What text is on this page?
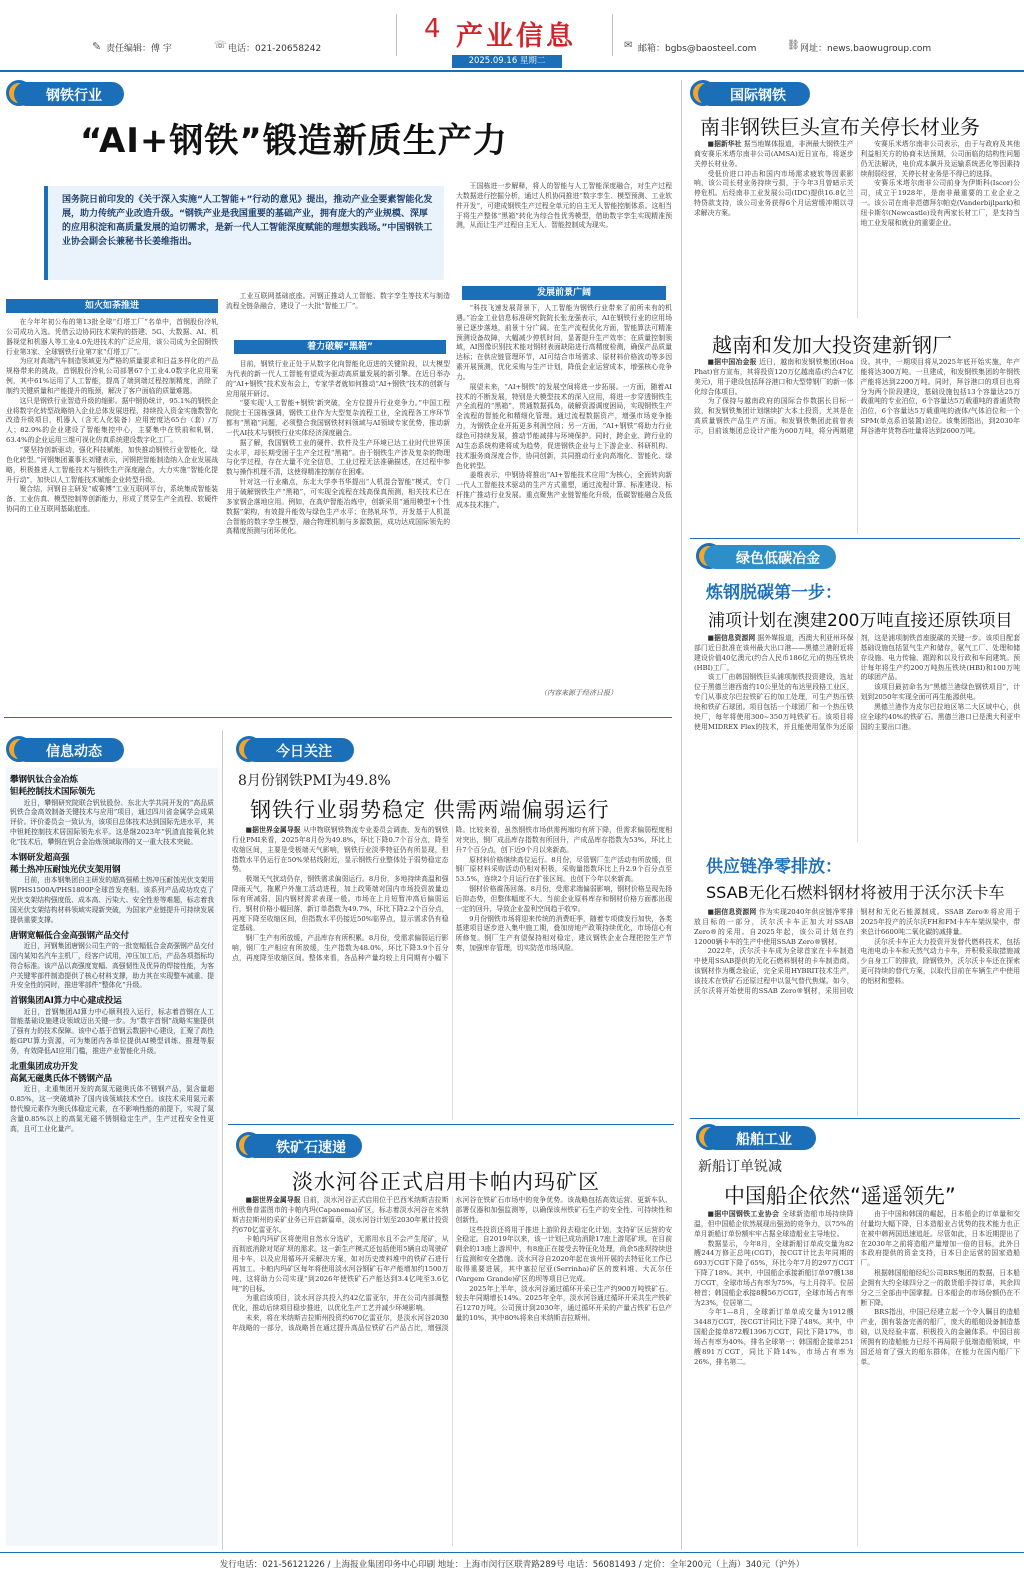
✎ 责任编辑：傅 宇	☏ 电话：021-20658242
4 产业信息
2025.09.16 星期二
✉ 邮箱：bgbs@baosteel.com	⛓ 网址：news.baowugroup.com
钢铁行业
“AI+钢铁”锻造新质生产力
国务院日前印发的《关于深入实施“人工智能+”行动的意见》提出，推动产业全要素智能化发展，助力传统产业改造升级。“钢铁产业是我国重要的基础产业，拥有庞大的产业规模、深厚的应用积淀和高质量发展的迫切需求，是新一代人工智能深度赋能的理想实践场。”中国钢铁工业协会副会长兼秘书长姜维指出。
如火如荼推进

在今年年初公布的第13批全球“灯塔工厂”名单中，首钢股份冷轧公司成功入选。凭借云边协同技术架构的搭建、5G、大数据、AI、机器视觉和机器人等工业4.0先进技术的广泛应用，该公司成为全国钢铁行业第3家、全球钢铁行业第7家“灯塔工厂”。

为应对高端汽车制造领域更为严格的质量要求和日益多样化的产品规格带来的挑战，首钢股份冷轧公司部署67个工业4.0数字化应用案例，其中61%运用了人工智能，提高了端到端过程控制精度，消除了制约关键质量和产能提升的瓶颈，解决了客户面临的质量难题。

这只是钢铁行业智造升级的缩影。据中钢协统计，95.1%的钢铁企业将数字化转型战略纳入企业总体发展进程，持续投入资金实施数智化改造升级项目，机器人（含无人化装备）应用密度达65台（套）/万人；82.9%的企业建设了智能集控中心，主要集中在铁前和轧钢，63.4%的企业运用三维可视化仿真系统建设数字化工厂。

“要坚持创新驱动，强化科技赋能，加快推动钢铁行业智能化、绿色化转型。”河钢集团董事长刘键表示，河钢把智能制造纳入企业发展战略，积极推进人工智能技术与钢铁生产深度融合，大力实施“智能化提升行动”，加快以人工智能技术赋能企业转型升级。

聚合结，河钢自主研发“威赛博”工业互联网平台，系统集成智能装备、工业仿真、模型控制等创新能力，形成了贯穿生产全流程、软硬件协同的工业互联网基础底座。

工业互联网基础底座。河钢正推动人工智能、数字孪生等技术与制造流程全链条融合，建设了一大批“智能工厂”。

着力破解“黑箱”

目前，钢铁行业正处于从数字化向智能化迈进的关键阶段，以大模型为代表的新一代人工智能有望成为驱动高质量发展的新引擎。在近日举办的“AI+钢铁”技术发布会上，专家学者就如何推动“AI+钢铁”技术的创新与应用展开研讨。

“要实现‘人工智能+钢铁’新突破，全方位提升行业竞争力。”中国工程院院士王国栋强调，钢铁工业作为大型复杂流程工业，全流程各工序环节都有“黑箱”问题，必须整合我国钢铁材料领域与AI领域专家优势，推动新一代AI技术与钢铁行业实体经济深度融合。

据了解，我国钢铁工业的硬件、软件及生产环境已达工业时代世界顶尖水平，却长期受困于生产全过程“黑箱”。由于钢铁生产涉及复杂的物理与化学过程，存在大量不完全信息，工业过程无法准确描述，在过程中参数与操作机理不清，这使得精准控制存在困难。

针对这一行业痛点，东北大学李书华提出“人机混合智能”模式，专门用于破解钢铁生产“黑箱”，可实现全流程在线高保真预测，相关技术已在多家钢企落地应用。例如，在高炉智能冶炼中，创新采用“通用模型+个性数据”架构，有效提升能效与绿色生产水平；在热轧环节，开发基于人机混合智能的数字孪生模型，融合物理机制与多源数据，成功达成国际领先的高精度预测与闭环优化。

王国栋进一步解释，将人的智能与人工智能深度融合，对生产过程大数据进行挖掘分析，通过人机协同推进“数字孪生、模型预测、工业软件开发”，可建成钢铁生产过程全单元的自主无人智能控制体系。这相当于将生产整体“黑箱”转化为综合性优秀模型，借助数字孪生实现精准预测，从而让生产过程自主无人、智能控制成为现实。

发展前景广阔

“科技飞速发展背景下，人工智能为钢铁行业带来了前所未有的机遇。”冶金工业信息标准研究院院长张龙强表示，AI在钢铁行业的应用场景已逐步落地，前景十分广阔。在生产流程优化方面，智能算法可精准预测设备故障，大幅减少停机时间，显著提升生产效率；在质量控制领域，AI图像识别技术能对钢材表面缺陷进行高精度检测，确保产品质量达标；在供应链管理环节，AI可结合市场需求、原材料价格波动等多因素开展预测，优化采购与生产计划，降低企业运营成本，增强核心竞争力。

展望未来，“AI+钢铁”的发展空间将进一步拓展。一方面，随着AI技术的不断发展，特别是大模型技术的深入应用，将进一步穿透钢铁生产全流程的“黑箱”，贯通数据孤岛，破解资源调度困局，实现钢铁生产全流程的智能化和精细化管理。通过流程数据资产，增强市场竞争能力，为钢铁企业开拓更多利润空间；另一方面，“AI+钢铁”将助力行业绿色可持续发展，推动节能减排与环境保护。同时，跨企业、跨行业的AI生态系统构建将成为趋势，促进钢铁企业与上下游企业、科研机构、技术服务商深度合作，协同创新，共同推动行业向高端化、智能化、绿色化转型。

姜维表示，中钢协将推出“AI+智能技术应用”为核心，全面转向新一代人工智能技术驱动的生产方式重塑，通过流程计算、标准建设、标杆推广推动行业发展。重点聚焦产业链智能化升级，低碳智能融合及低成本技术推广。

（内容来源于经济日报）
国际钢铁
南非钢铁巨头宣布关停长材业务

■据新华社 据当地媒体报道，非洲最大钢铁生产商安赛乐米塔尔南非公司(AMSA)近日宣布，将逐步关停长材业务。

受低价进口冲击和国内市场需求疲软等因素影响，该公司长材业务持续亏损，于今年3月曾暗示关停危机。后经南非工业发展公司(IDC)提供16.8亿兰特贷款支持，该公司业务获得6个月运营缓冲期以寻求解决方案。

安赛乐米塔尔南非公司表示，由于与政府及其他利益相关方的协商未达预期，公司面临的结构性问题仍无法解决，电价成本飙升及运输系统恶化等因素持续削弱经营，关停长材业务是不得已的选择。

安赛乐米塔尔南非公司前身为伊斯科(Iscor)公司，成立于1928年，是南非最重要的工业企业之一。该公司在南非范德拜尔帕克(Vanderbijlpark)和纽卡斯尔(Newcastle)设有两家长材工厂，是支持当地工业发展和就业的重要企业。

越南和发加大投资建新钢厂

■据中国冶金报 近日，越南和发钢铁集团(Hoa Phat)官方宣布，其将投资120万亿越南盾(约合47亿美元)，用于建设包括拜谷港口和大型带钢厂的新一体化综合体项目。

为了保持与越南政府的国际合作数据长目标一致，和发钢铁集团计划继续扩大本土投资，尤其是在高质量钢铁产品生产方面。和发钢铁集团此前曾表示，目前该集团总设计产能为600万吨，将分两期建设。其中，一期项目将从2025年底开始实施，年产能将达300万吨。一旦建成，和发钢铁集团的年钢铁产能将达到2200万吨。同时，拜谷港口的项目也将分为两个阶段建设，基础设施包括13个容量达25万载重吨的专业泊位，6个容量达5万载重吨的普通货物泊位，6个容量达5万载重吨的液体/气体泊位和一个SPM(单点系泊装置)泊位。该集团指出，到2030年拜谷港年货物吞吐量将达到2600万吨。

绿色低碳冶金
炼钢脱碳第一步：
浦项计划在澳建200万吨直接还原铁项目

■据信息资源网 据外媒报道，西澳大利亚州环保部门近日批准在该州最大出口港——黑德兰港附近将建设价值40亿澳元(约合人民币186亿元)的热压铁块(HBI)工厂。

该工厂由韩国钢铁巨头浦项制铁投资建设，选址位于黑德兰港西南约10公里处的布达里段格工业区，专门从事皮尔巴拉铁矿石的加工处理，可生产热压铁块和铁矿石球团。项目包括一个球团厂和一个热压铁块厂，每年将使用300~350万吨铁矿石。该项目将使用MIDREX Flex的技术，并且能使用氢作为还原剂，这是浦项制铁首座脱碳的关键一步。该项目配套基础设施包括氢气生产和储存，氨气工厂、处理和储存设施、电力传输、跟踪和以及行政和车间建筑。预计每年将生产约200万吨热压铁块(HBI)和100万吨的球团产品。

该项目最初命名为“黑德兰港绿色钢铁项目”，计划到2050年实现全面可再生能源供电。

黑德兰港作为皮尔巴拉地区第二大区域中心，供应全球约40%的铁矿石。黑德兰港口已是澳大利亚中国的主要出口港。

供应链净零排放：
SSAB无化石燃料钢材将被用于沃尔沃卡车

■据信息资源网 作为实现2040年供应链净零排放目标的一部分，沃尔沃卡车正加大对SSAB Zero®的采用。自2025年起，该公司计划在约12000辆卡车的生产中使用SSAB Zero®钢材。

2022年，沃尔沃卡车成为全球首家在卡车制造中使用SSAB提供的无化石燃料钢材的卡车制造商。该钢材作为概念验证，完全采用HYBRIT技术生产，该技术在铁矿石还原过程中以氢气替代焦煤。如今，沃尔沃将开始使用的SSAB Zero®钢材，采用回收钢材和无化石能源制成。SSAB Zero®将应用于2025年投产的沃尔沃FH和FM卡车车架纵梁中，带来总计6600吨二氧化碳的减排量。

沃尔沃卡车正大力投资开发替代燃料技术，包括电池电动卡车和天然气动力卡车，并积极采取措施减少自身工厂的排放，除钢铁外，沃尔沃卡车还在探索更可持续的替代方案，以取代目前在车辆生产中使用的铝材和塑料。

信息动态
攀钢钒钛合金冶炼
钽耗控制技术国际领先

近日，攀钢研究院联合钒钛股份、东北大学共同开发的“高品质钒铁合金高效制备关键技术与应用”项目，通过四川省金属学会成果评价。评价委员会一致认为，该项目总体技术达到国际先进水平，其中钽耗控制技术居国际领先水平。这是继2023年“钒渣直接氧化转化”技术后，攀钢在钒合金冶炼领域取得的又一重大技术突破。

本钢研发超高强
稀土热冲压耐蚀光伏支架用钢

日前，由本钢集团自主研发的超高强稀土热冲压耐蚀光伏支架用钢PHS1500A/PHS1800P全球首发亮相。该系列产品成功攻克了光伏支架结构强度低、成本高、污染大、安全性差等难题，标志着我国光伏支架结构材料领域实现新突破，为国家产业链提升可持续发展提供重要支撑。

唐钢宽幅低合金高强钢产品交付

近日，河钢集团唐钢公司生产的一批宽幅低合金高强钢产品交付国内某知名汽车主机厂，经客户试用，冲压加工后，产品各项指标均符合标准。该产品以高强度宽幅、高强韧性及优异的焊接性能，为客户关键零部件制造提供了核心材料支撑，助力其在实现整车减重、提升安全性的同时，推进零部件“整体化”升级。

首钢集团AI算力中心建成投运

近日，首钢集团AI算力中心顺利投入运行，标志着首钢在人工智能基础设施建设领域迈出关键一步。为“数字首钢”战略实施提供了强有力的技术保障。该中心基于首钢云数据中心建设，汇聚了高性能GPU算力资源，可为集团内各单位提供AI模型训练、推理等服务，有效降低AI应用门槛，推进产业智能化升级。

北重集团成功开发
高氮无磁奥氏体不锈钢产品

近日，北重集团开发的高氮无磁奥氏体不锈钢产品，氮含量超0.85%，这一突破填补了国内该领域技术空白。该技术采用氮元素替代镍元素作为奥氏体稳定元素，在不影响性能的前提下，实现了氮含量0.85%以上的高氮无磁不锈钢稳定生产，生产过程安全性更高，且可工业化量产。

今日关注
8月份钢铁PMI为49.8%
钢铁行业弱势稳定 供需两端偏弱运行

■据世界金属导报 从中物联钢铁物流专业委员会调查、发布的钢铁行业PMI来看，2025年8月份为49.8%，环比下降0.7个百分点，降至收缩区间，主要是受极端天气影响，钢铁行业淡季特征仍有所显现，但指数水平仍运行在50%荣枯线附近，显示钢铁行业整体处于弱势稳定态势。

极端天气扰动仍存，钢铁需求偏弱运行。8月份，多地持续高温和强降雨天气，拖累户外施工活动进程，加上政策端对国内市场投资放量边际有所减弱，国内钢材需求表现一般。市场在上月短暂冲高后偏弱运行，钢材价格小幅回落，新订单指数为49.7%，环比下降2.2个百分点，再度下降至收缩区间，但指数水平仍接近50%临界点，显示需求仍有稳定基础。

钢厂生产有所放缓，产品库存有所积累。8月份，受需求偏弱运行影响，钢厂生产相应有所放缓，生产指数为48.0%，环比下降3.9个百分点，再度降至收缩区间。整体来看，各品种产量均较上月同期有小幅下降。比较来看，虽然钢铁市场供需两端均有所下降，但需求偏弱程度相对突出，钢厂成品库存指数有所回升，产成品库存指数为53%，环比上升7个百分点，创下近9个月以来新高。

原材料价格继续高位运行。8月份，尽管钢厂生产活动有所放缓，但钢厂原材料采购活动仍相对积极，采购量指数环比上升2.9个百分点至53.5%，连续2个月运行在扩张区间。也创下今年以来新高。

钢材价格震荡回落。8月份，受需求端偏弱影响，钢材价格呈现先扬后抑态势，但整体幅度不大。当前企业原料库存和钢材价格方面都出现一定的回升，导致企业盈利空间趋于收窄。

9月份钢铁市场将迎来传统的消费旺季，随着专项债发行加快，各类基建项目逐步进入集中施工期，叠加房地产政策持续优化，市场信心有所修复。钢厂生产有望保持相对稳定，建议钢铁企业合理把控生产节奏，加强库存管理，切实防范市场风险。

铁矿石速递
淡水河谷正式启用卡帕内玛矿区

■据世界金属导报 目前，淡水河谷正式启用位于巴西米纳斯吉拉斯州欧鲁普雷图市的卡帕内玛(Capanema)矿区，标志着淡水河谷在米纳斯吉拉斯州的采矿业务已开启新篇章，淡水河谷计划至2030年累计投资约670亿雷亚尔。

卡帕内玛矿区将使用自然水分选矿，无需用水且不会产生尾矿，从而彻底消除对尾矿坝的需求。这一新生产模式还包括使用5辆自动驾驶矿用卡车，以及应用循环开采解决方案，如对历史废料堆中的铁矿石进行再加工。卡帕内玛矿区每年将使用淡水河谷钢矿石年产能增加约1500万吨，这将助力公司实现“到2026年使铁矿石产能达到3.4亿吨至3.6亿吨”的目标。

为重启该项目，淡水河谷共投入约42亿雷亚尔，并在公司内部调整优化，推动后续项目稳步推进，以优化生产工艺并减少环境影响。

未来，将在米纳斯吉拉斯州投资约670亿雷亚尔，是淡水河谷2030年战略的一部分，该战略旨在通过提升高品位铁矿石产品占比，增强淡水河谷在铁矿石市场中的竞争优势。该战略包括高效运营、更新车队、部署仅器和加强监测等，以确保该州铁矿石生产的安全性、可持续性和创新性。

这些投资还将用于推进上游阶段去稳定化计划，支持矿区运营的安全稳定。自2019年以来，该一计划已成功消除17座上游尾矿坝。在目前剩余的13座上游坝中，有8座正在接受去特征化处理，尚余5座坝持续进行监测和安全措施。淡水河谷自2020年起在该州开展的去特征化工作已取得重要进展，其中塞拉尼亚(Serrinha)矿区的废料堆、大瓦尔任(Vargem Grande)矿区的坝等项目已完成。

2025年上半年，淡水河谷通过循环开采已生产约900万吨铁矿石。较去年同期增长14%。2025年全年，淡水河谷通过循环开采共生产铁矿石1270万吨。公司预计到2030年，通过循环开采的产量占铁矿石总产量的10%，其中80%将来自米纳斯吉拉斯州。

船舶工业
新船订单锐减
中国船企依然“遥遥领先”

■据中国钢铁工业协会 全球新造船市场持续降温，但中国船企依然展现出强劲的竞争力，以75%的单月新船订单份额牢牢占据全球造船业主导地位。

数据显示，今年8月，全球新船订单成交量为82艘244万修正总吨(CGT)，按CGT计比去年同期的693万CGT下降了65%，环比今年7月的297万CGT下降了18%。其中，中国船企承接新船订单97艘138万CGT，全球市场占有率为75%，与上月持平。位居榜首；韩国船企承接8艘56万CGT，全球市场占有率为23%，位居第二。

今年1—8月，全球新订单单成交量为1912艘3448万CGT，按CGT计同比下降了48%。其中，中国船企接单872艘1396万CGT，同比下降17%，市场占有率为40%，排名全球第一；韩国船企接单251艘891万CGT，同比下降14%，市场占有率为26%，排名第二。

由于中国和韩国的崛起，日本船企的订单量和交付量均大幅下降，日本造船业占优势的技术能力也正在被中韩两国迅速追赶。尽管如此，日本近期提出了在2030年之前将造船产量增加一倍的目标，此外日本政府提供的资金支持，日本日企运营的国家造船厂。

根据韩国船舶经纪公司BRS集团的数据，日本船企拥有大约全球四分之一的散货船手持订单，其余四分之三全部由中国掌握。日本船企的市场份额仍在不断下降。

BRS指出，中国已经建立起一个令人瞩目的造船产业，拥有装备完善的船厂，庞大的船舶设备制造基础，以及经验丰富、积极投入的金融体系。中国目前所拥有的造船能力已经不再局限于低端造船领域，中国还培育了强大的船东群体，在能力在国内船厂下单。

发行电话：021-56121226 / 上海报业集团印务中心印刷 地址：上海市闵行区联青路289号 电话：56081493 / 定价：全年200元（上海）340元（沪外）
